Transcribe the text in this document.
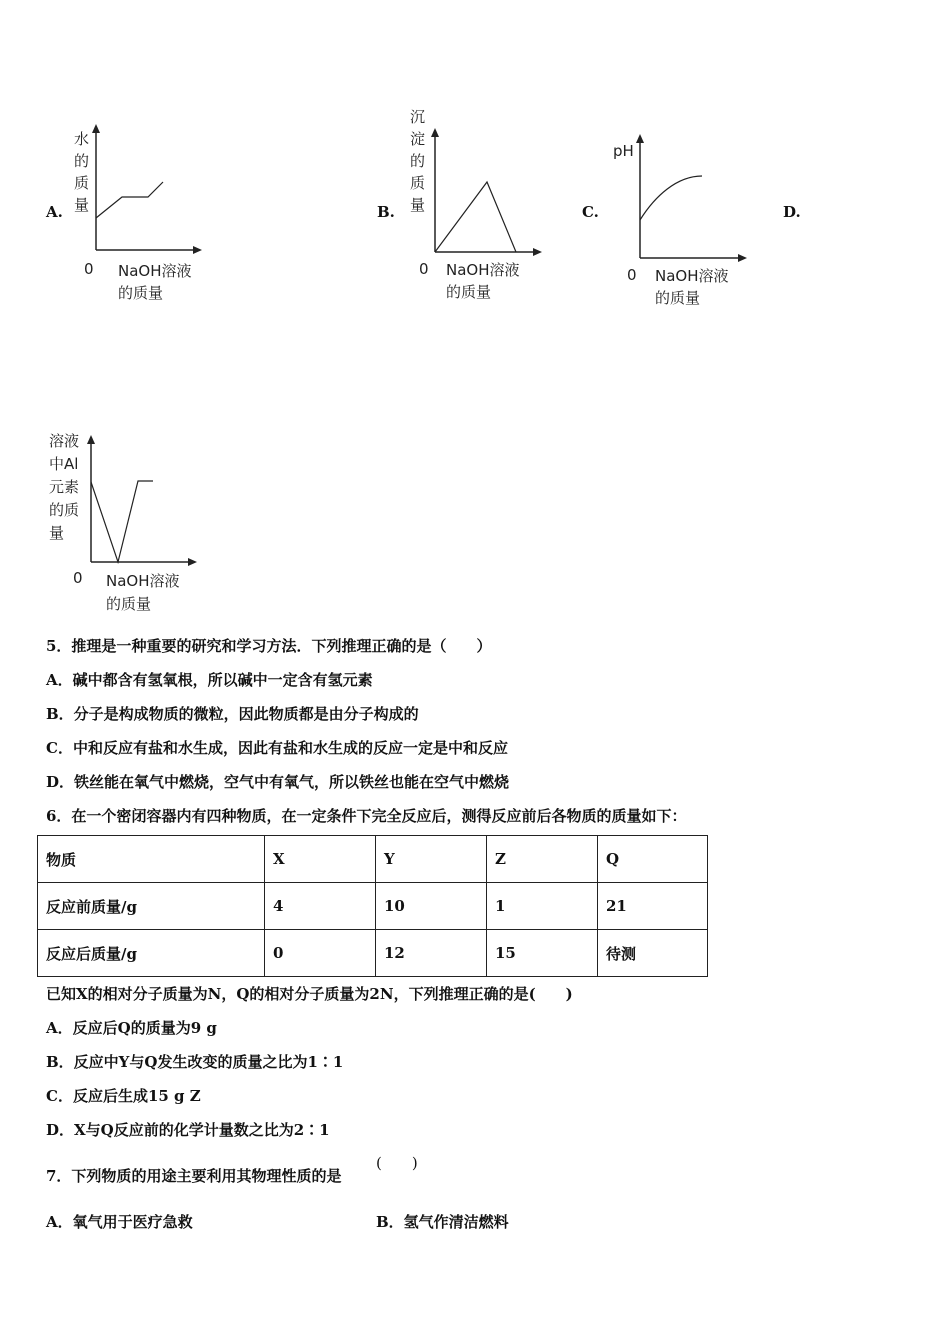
A.	B.	C.	D.
水
的
质
量
0 NaOH溶液
的质量
沉
淀
的
质
量
0 NaOH溶液
的质量
pH
0 NaOH溶液
的质量
溶液
中Al
元素
的质
量
0 NaOH溶液
的质量
5．推理是一种重要的研究和学习方法．下列推理正确的是（　　）
A．碱中都含有氢氧根，所以碱中一定含有氢元素
B．分子是构成物质的微粒，因此物质都是由分子构成的
C．中和反应有盐和水生成，因此有盐和水生成的反应一定是中和反应
D．铁丝能在氧气中燃烧，空气中有氧气，所以铁丝也能在空气中燃烧
6．在一个密闭容器内有四种物质，在一定条件下完全反应后，测得反应前后各物质的质量如下：
物质	X	Y	Z	Q
反应前质量/g	4	10	1	21
反应后质量/g	0	12	15	待测
已知X的相对分子质量为N，Q的相对分子质量为2N，下列推理正确的是(　　)
A．反应后Q的质量为9 g
B．反应中Y与Q发生改变的质量之比为1∶1
C．反应后生成15 g Z
D．X与Q反应前的化学计量数之比为2∶1
7．下列物质的用途主要利用其物理性质的是
(　　)
A．氧气用于医疗急救	B．氢气作清洁燃料
